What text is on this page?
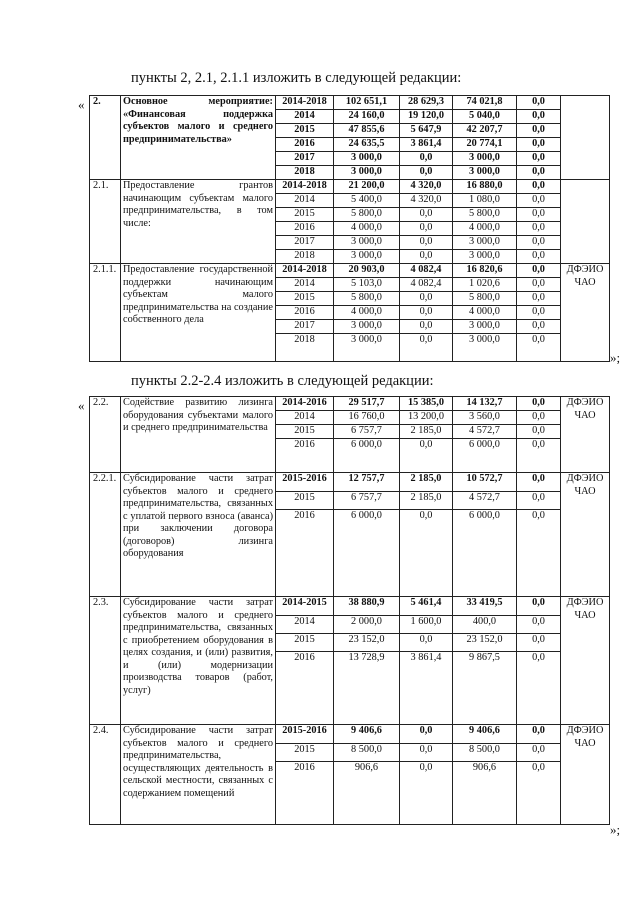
пункты 2, 2.1, 2.1.1 изложить в следующей редакции:
« 2.	Основное мероприятие: «Финансовая поддержка субъектов малого и среднего предпринимательства»	2014-2018	102 651,1	28 629,3	74 021,8	0,0	
		2014	24 160,0	19 120,0	5 040,0	0,0	
		2015	47 855,6	5 647,9	42 207,7	0,0	
		2016	24 635,5	3 861,4	20 774,1	0,0	
		2017	3 000,0	0,0	3 000,0	0,0	
		2018	3 000,0	0,0	3 000,0	0,0	
2.1.	Предоставление грантов начинающим субъектам малого предпринимательства, в том числе:	2014-2018	21 200,0	4 320,0	16 880,0	0,0	
		2014	5 400,0	4 320,0	1 080,0	0,0	
		2015	5 800,0	0,0	5 800,0	0,0	
		2016	4 000,0	0,0	4 000,0	0,0	
		2017	3 000,0	0,0	3 000,0	0,0	
		2018	3 000,0	0,0	3 000,0	0,0	
2.1.1.	Предоставление государственной поддержки начинающим субъектам малого предпринимательства на создание собственного дела	2014-2018	20 903,0	4 082,4	16 820,6	0,0	ДФЭИО ЧАО
		2014	5 103,0	4 082,4	1 020,6	0,0	
		2015	5 800,0	0,0	5 800,0	0,0	
		2016	4 000,0	0,0	4 000,0	0,0	
		2017	3 000,0	0,0	3 000,0	0,0	
		2018	3 000,0	0,0	3 000,0	0,0	
»;
пункты 2.2-2.4 изложить в следующей редакции:
« 2.2.	Содействие развитию лизинга оборудования субъектами малого и среднего предпринимательства	2014-2016	29 517,7	15 385,0	14 132,7	0,0	ДФЭИО ЧАО
		2014	16 760,0	13 200,0	3 560,0	0,0	
		2015	6 757,7	2 185,0	4 572,7	0,0	
		2016	6 000,0	0,0	6 000,0	0,0	
2.2.1.	Субсидирование части затрат субъектов малого и среднего предпринимательства, связанных с уплатой первого взноса (аванса) при заключении договора (договоров) лизинга оборудования	2015-2016	12 757,7	2 185,0	10 572,7	0,0	ДФЭИО ЧАО
		2015	6 757,7	2 185,0	4 572,7	0,0	
		2016	6 000,0	0,0	6 000,0	0,0	
2.3.	Субсидирование части затрат субъектов малого и среднего предпринимательства, связанных с приобретением оборудования в целях создания, и (или) развития, и (или) модернизации производства товаров (работ, услуг)	2014-2015	38 880,9	5 461,4	33 419,5	0,0	ДФЭИО ЧАО
		2014	2 000,0	1 600,0	400,0	0,0	
		2015	23 152,0	0,0	23 152,0	0,0	
		2016	13 728,9	3 861,4	9 867,5	0,0	
2.4.	Субсидирование части затрат субъектов малого и среднего предпринимательства, осуществляющих деятельность в сельской местности, связанных с содержанием помещений	2015-2016	9 406,6	0,0	9 406,6	0,0	ДФЭИО ЧАО
		2015	8 500,0	0,0	8 500,0	0,0	
		2016	906,6	0,0	906,6	0,0	
»;
